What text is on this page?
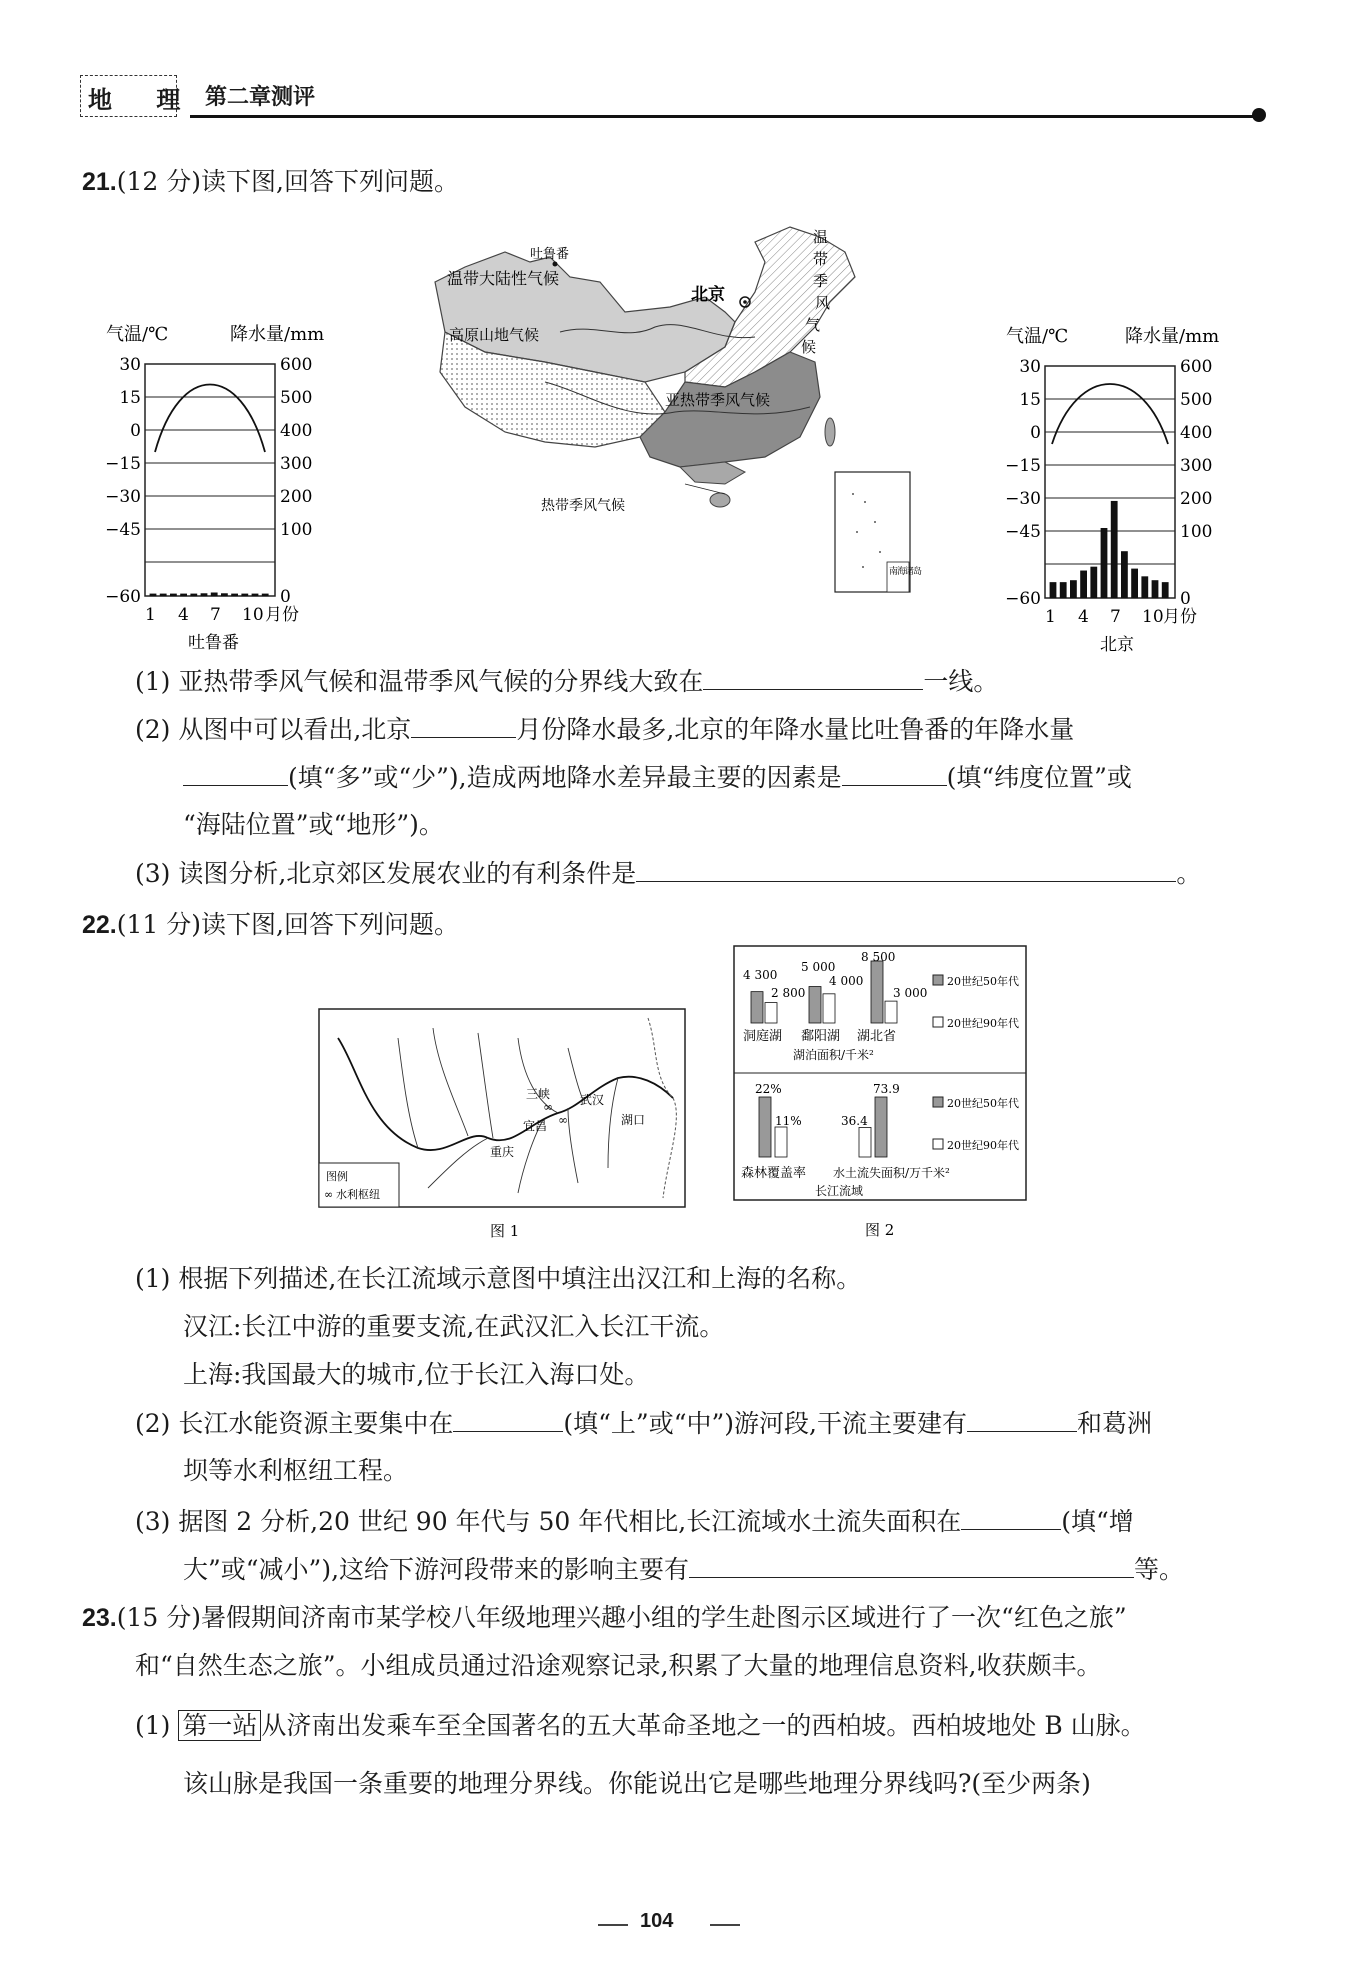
地 理 第二章测评
21.(12 分)读下图,回答下列问题。
气温/℃	降水量/mm
30
15
0
−15
−30
−45
−60
600
500
400
300
200
100
0
1 4 7 10 月份
吐鲁番
吐鲁番
温带大陆性气候
高原山地气候
北京
温带季风气候
亚热带季风气候
热带季风气候
南海诸岛
气温/℃	降水量/mm
30
15
0
−15
−30
−45
−60
600
500
400
300
200
100
0
1 4 7 10 月份
北京
(1) 亚热带季风气候和温带季风气候的分界线大致在	一线。
(2) 从图中可以看出,北京	月份降水最多,北京的年降水量比吐鲁番的年降水量
(填“多”或“少”),造成两地降水差异最主要的因素是	(填“纬度位置”或
“海陆位置”或“地形”)。
(3) 读图分析,北京郊区发展农业的有利条件是	。
22.(11 分)读下图,回答下列问题。
三峡
宜昌
武汉
重庆
湖口
∞
∞
图例
∞ 水利枢纽
图 1
4 300
2 800
5 000
4 000
8 500
3 000
洞庭湖 鄱阳湖 湖北省
湖泊面积/千米²
20世纪50年代
20世纪90年代
22%
11%	36.4
73.9
森林覆盖率 水土流失面积/万千米²
长江流域
20世纪50年代
20世纪90年代
图 2
(1) 根据下列描述,在长江流域示意图中填注出汉江和上海的名称。
汉江:长江中游的重要支流,在武汉汇入长江干流。
上海:我国最大的城市,位于长江入海口处。
(2) 长江水能资源主要集中在	(填“上”或“中”)游河段,干流主要建有	和葛洲
坝等水利枢纽工程。
(3) 据图 2 分析,20 世纪 90 年代与 50 年代相比,长江流域水土流失面积在	(填“增
大”或“减小”),这给下游河段带来的影响主要有	等。
23.(15 分)暑假期间济南市某学校八年级地理兴趣小组的学生赴图示区域进行了一次“红色之旅”
和“自然生态之旅”。小组成员通过沿途观察记录,积累了大量的地理信息资料,收获颇丰。
(1) 第一站 从济南出发乘车至全国著名的五大革命圣地之一的西柏坡。西柏坡地处 B 山脉。
该山脉是我国一条重要的地理分界线。你能说出它是哪些地理分界线吗?(至少两条)
104
